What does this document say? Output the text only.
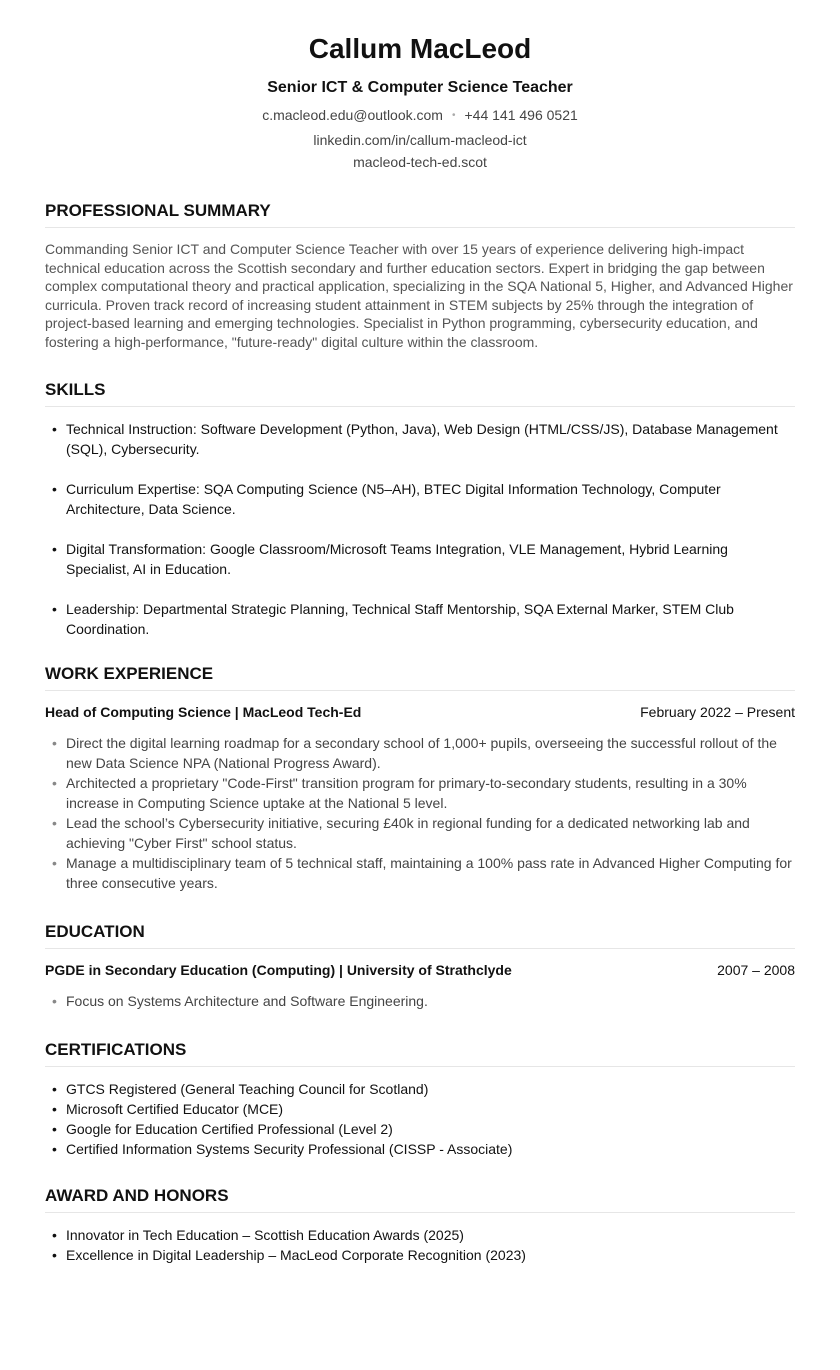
Callum MacLeod
Senior ICT & Computer Science Teacher
c.macleod.edu@outlook.com • +44 141 496 0521
linkedin.com/in/callum-macleod-ict
macleod-tech-ed.scot
PROFESSIONAL SUMMARY
Commanding Senior ICT and Computer Science Teacher with over 15 years of experience delivering high-impact technical education across the Scottish secondary and further education sectors. Expert in bridging the gap between complex computational theory and practical application, specializing in the SQA National 5, Higher, and Advanced Higher curricula. Proven track record of increasing student attainment in STEM subjects by 25% through the integration of project-based learning and emerging technologies. Specialist in Python programming, cybersecurity education, and fostering a high-performance, "future-ready" digital culture within the classroom.
SKILLS
• Technical Instruction: Software Development (Python, Java), Web Design (HTML/CSS/JS), Database Management (SQL), Cybersecurity.
• Curriculum Expertise: SQA Computing Science (N5–AH), BTEC Digital Information Technology, Computer Architecture, Data Science.
• Digital Transformation: Google Classroom/Microsoft Teams Integration, VLE Management, Hybrid Learning Specialist, AI in Education.
• Leadership: Departmental Strategic Planning, Technical Staff Mentorship, SQA External Marker, STEM Club Coordination.
WORK EXPERIENCE
Head of Computing Science | MacLeod Tech-Ed	February 2022 – Present
• Direct the digital learning roadmap for a secondary school of 1,000+ pupils, overseeing the successful rollout of the new Data Science NPA (National Progress Award).
• Architected a proprietary "Code-First" transition program for primary-to-secondary students, resulting in a 30% increase in Computing Science uptake at the National 5 level.
• Lead the school’s Cybersecurity initiative, securing £40k in regional funding for a dedicated networking lab and achieving "Cyber First" school status.
• Manage a multidisciplinary team of 5 technical staff, maintaining a 100% pass rate in Advanced Higher Computing for three consecutive years.
EDUCATION
PGDE in Secondary Education (Computing) | University of Strathclyde	2007 – 2008
• Focus on Systems Architecture and Software Engineering.
CERTIFICATIONS
• GTCS Registered (General Teaching Council for Scotland)
• Microsoft Certified Educator (MCE)
• Google for Education Certified Professional (Level 2)
• Certified Information Systems Security Professional (CISSP - Associate)
AWARD AND HONORS
• Innovator in Tech Education – Scottish Education Awards (2025)
• Excellence in Digital Leadership – MacLeod Corporate Recognition (2023)
